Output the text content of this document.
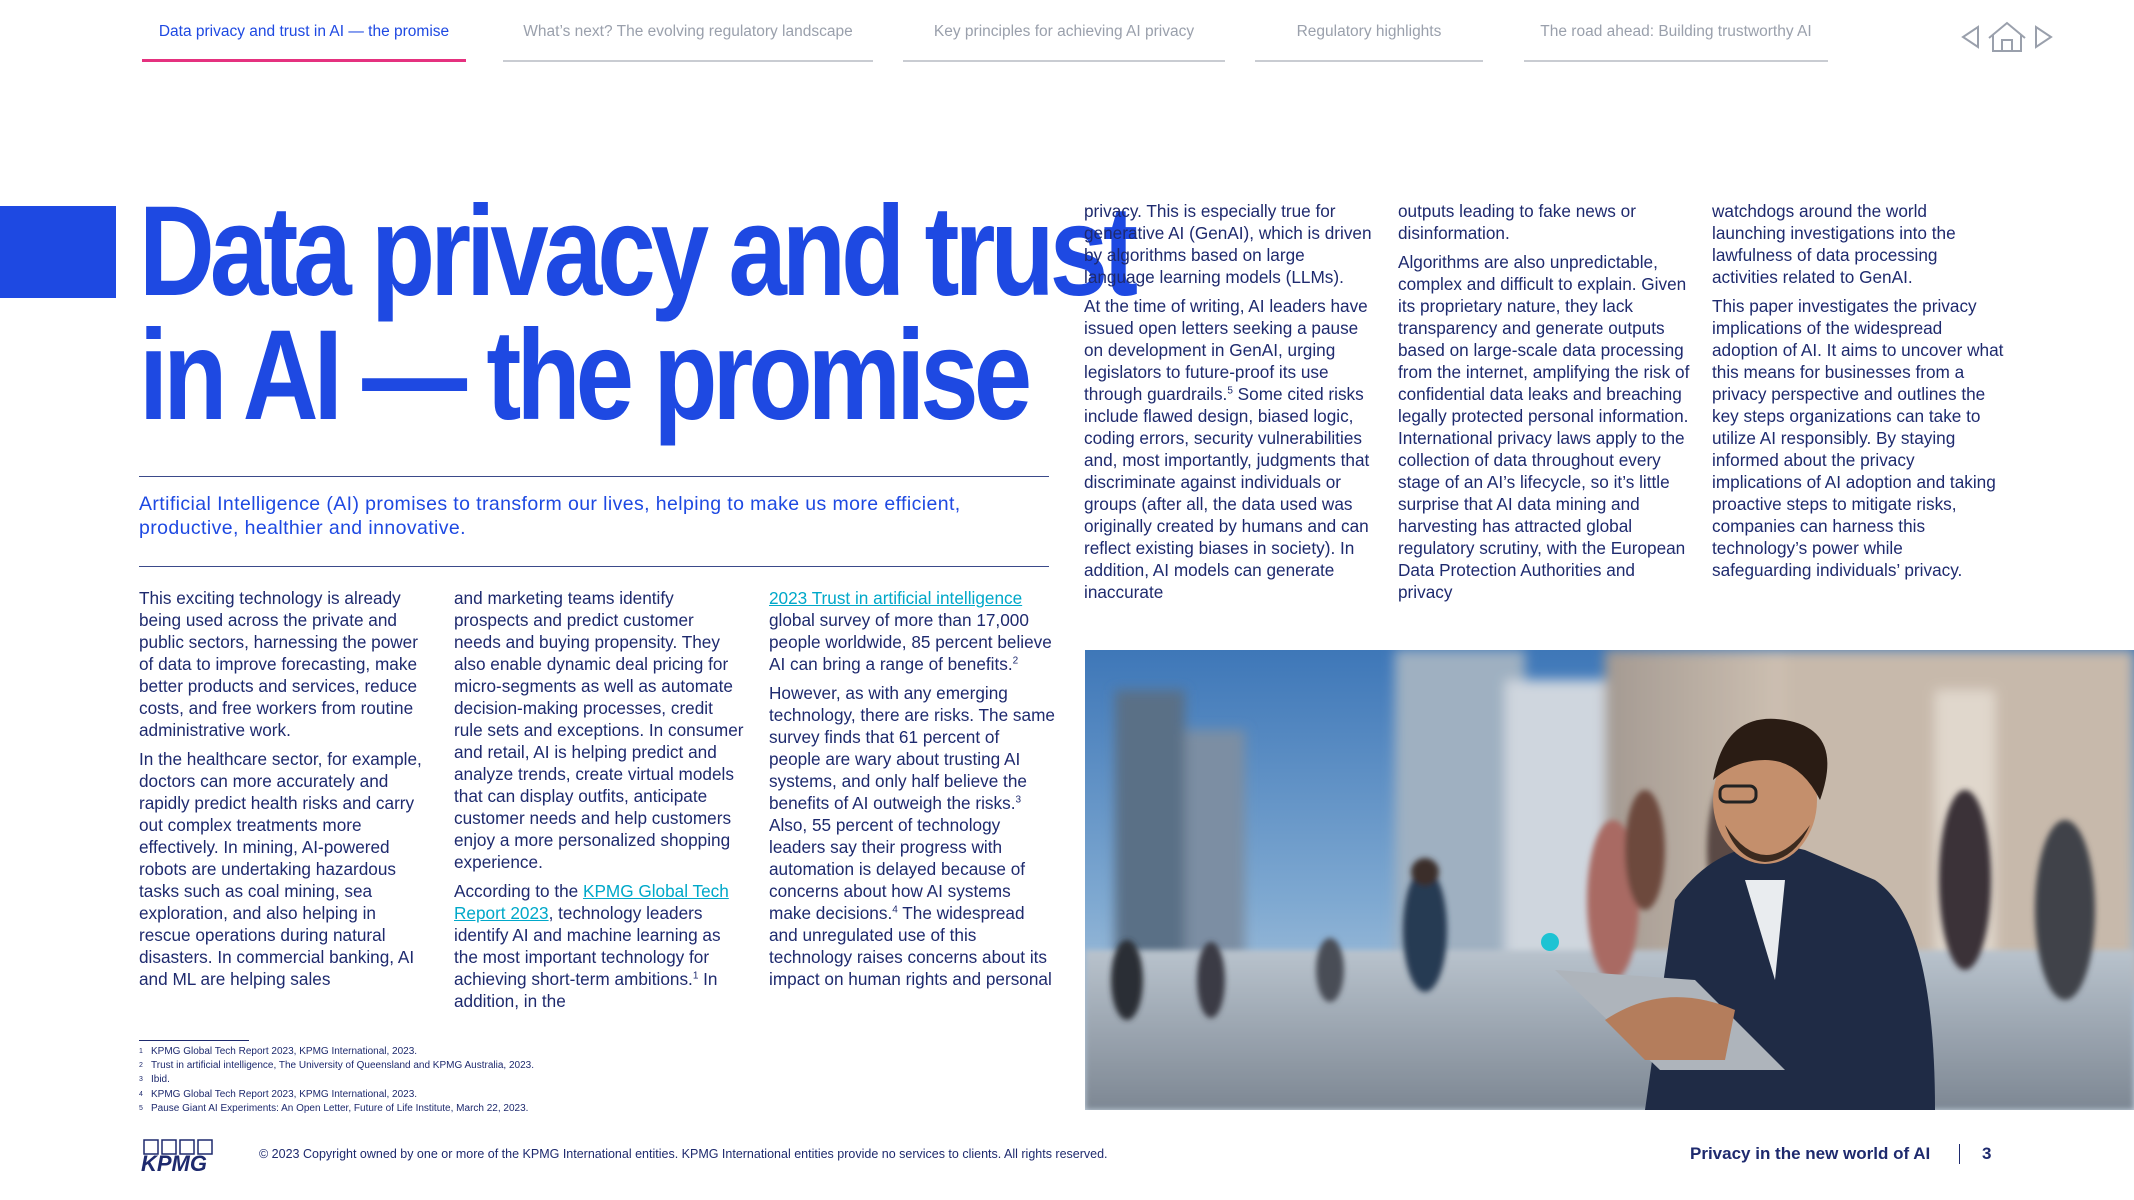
Data privacy and trust in AI — the promise	What’s next? The evolving regulatory landscape	Key principles for achieving AI privacy	Regulatory highlights	The road ahead: Building trustworthy AI
Data privacy and trust
in AI — the promise
Artificial Intelligence (AI) promises to transform our lives, helping to make us more efficient, productive, healthier and innovative.

This exciting technology is already being used across the private and public sectors, harnessing the power of data to improve forecasting, make better products and services, reduce costs, and free workers from routine administrative work.

In the healthcare sector, for example, doctors can more accurately and rapidly predict health risks and carry out complex treatments more effectively. In mining, AI-powered robots are undertaking hazardous tasks such as coal mining, sea exploration, and also helping in rescue operations during natural disasters. In commercial banking, AI and ML are helping sales

and marketing teams identify prospects and predict customer needs and buying propensity. They also enable dynamic deal pricing for micro-segments as well as automate decision-making processes, credit rule sets and exceptions. In consumer and retail, AI is helping predict and analyze trends, create virtual models that can display outfits, anticipate customer needs and help customers enjoy a more personalized shopping experience.

According to the KPMG Global Tech Report 2023, technology leaders identify AI and machine learning as the most important technology for achieving short-term ambitions.$^1$ In addition, in the

2023 Trust in artificial intelligence global survey of more than 17,000 people worldwide, 85 percent believe AI can bring a range of benefits.$^2$

However, as with any emerging technology, there are risks. The same survey finds that 61 percent of people are wary about trusting AI systems, and only half believe the benefits of AI outweigh the risks.$^3$ Also, 55 percent of technology leaders say their progress with automation is delayed because of concerns about how AI systems make decisions.$^4$ The widespread and unregulated use of this technology raises concerns about its impact on human rights and personal

privacy. This is especially true for generative AI (GenAI), which is driven by algorithms based on large language learning models (LLMs).

At the time of writing, AI leaders have issued open letters seeking a pause on development in GenAI, urging legislators to future-proof its use through guardrails.$^5$ Some cited risks include flawed design, biased logic, coding errors, security vulnerabilities and, most importantly, judgments that discriminate against individuals or groups (after all, the data used was originally created by humans and can reflect existing biases in society). In addition, AI models can generate inaccurate

outputs leading to fake news or disinformation.

Algorithms are also unpredictable, complex and difficult to explain. Given its proprietary nature, they lack transparency and generate outputs based on large-scale data processing from the internet, amplifying the risk of confidential data leaks and breaching legally protected personal information. International privacy laws apply to the collection of data throughout every stage of an AI’s lifecycle, so it’s little surprise that AI data mining and harvesting has attracted global regulatory scrutiny, with the European Data Protection Authorities and privacy

watchdogs around the world launching investigations into the lawfulness of data processing activities related to GenAI.

This paper investigates the privacy implications of the widespread adoption of AI. It aims to uncover what this means for businesses from a privacy perspective and outlines the key steps organizations can take to utilize AI responsibly. By staying informed about the privacy implications of AI adoption and taking proactive steps to mitigate risks, companies can harness this technology’s power while safeguarding individuals’ privacy.

1 KPMG Global Tech Report 2023, KPMG International, 2023.
2 Trust in artificial intelligence, The University of Queensland and KPMG Australia, 2023.
3 Ibid.
4 KPMG Global Tech Report 2023, KPMG International, 2023.
5 Pause Giant AI Experiments: An Open Letter, Future of Life Institute, March 22, 2023.
KPMG	© 2023 Copyright owned by one or more of the KPMG International entities. KPMG International entities provide no services to clients. All rights reserved.	Privacy in the new world of AI	3
